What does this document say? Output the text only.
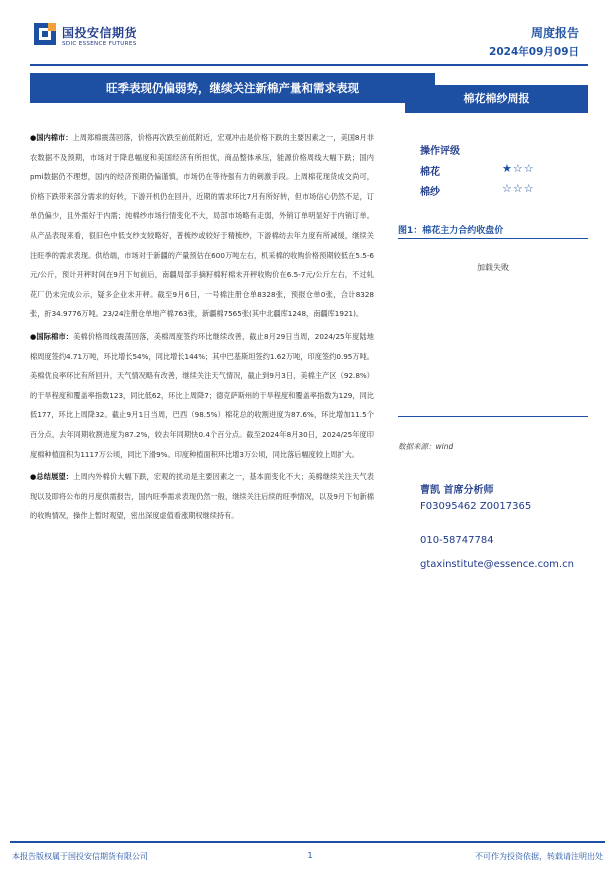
国投安信期货
SDIC ESSENCE FUTURES
周度报告
2024年09月09日
旺季表现仍偏弱势，继续关注新棉产量和需求表现
棉花棉纱周报

●国内棉市：上周郑棉震荡回落，价格再次跌至前低附近，宏观冲击是价格下跌的主要因素之一，美国8月非农数据不及预期，市场对于降息幅度和美国经济有所担忧，商品整体承压，能源价格周线大幅下跌；国内pmi数据仍不理想，国内的经济预期仍偏谨慎，市场仍在等待强有力的刺激手段。上周棉花现货成交尚可，价格下跌带来部分需求的好转，下游开机仍在回升，近期的需求环比7月有所好转，但市场信心仍然不足，订单仍偏少，且外需好于内需；纯棉纱市场行情变化不大，局部市场略有走弱，外销订单明显好于内销订单。从产品表现来看，很旧色中低支纱支较略好，普梳纱或较好于精梳纱，下游棉纺去年力度有所减缓，继续关注旺季的需求表现。供给端，市场对于新疆的产量预估在600万吨左右，机采棉的收购价格预期较低在5.5-6元/公斤，预计开秤时间在9月下旬前后，南疆局部手摘籽棉籽棉未开秤收购价在6.5-7元/公斤左右，不过轧花厂仍未完成公示，疑多企业未开秤。截至9月6日，一号棉注册仓单8328张，预报仓单0张，合计8328张，折34.9776万吨。23/24注册仓单地产棉763张，新疆棉7565张(其中北疆库1248，南疆库1921)。

●国际棉市：美棉价格周线震荡回落，美棉周度签约环比继续改善，截止8月29日当周，2024/25年度陆地棉周度签约4.71万吨，环比增长54%，同比增长144%；其中巴基斯坦签约1.62万吨，印度签约0.95万吨。美棉优良率环比有所回升，天气情况略有改善，继续关注天气情况，截止到9月3日，美棉主产区（92.8%）的干旱程度和覆盖率指数123，同比低62，环比上周降7；德克萨斯州的干旱程度和覆盖率指数为129，同比低177，环比上周降32。截止9月1日当周，巴西（98.5%）棉花总的收割进度为87.6%，环比增加11.5个百分点，去年同期收割进度为87.2%，较去年同期快0.4个百分点。截至2024年8月30日，2024/25年度印度棉种植面积为1117万公顷，同比下滑9%。印度种植面积环比增3万公顷，同比落后幅度较上周扩大。

●总结展望：上周内外棉价大幅下跌，宏观的扰动是主要因素之一，基本面变化不大；美棉继续关注天气表现以及即将公布的月度供需报告，国内旺季需求表现仍然一般，继续关注后续的旺季情况，以及9月下旬新棉的收购情况，操作上暂时观望，密出深度虚值看涨期权继续持有。

操作评级
棉花	★☆☆
棉纱	☆☆☆
图1：棉花主力合约收盘价
加载失败
数据来源：wind
曹凯 首席分析师
F03095462 Z0017365
010-58747784
gtaxinstitute@essence.com.cn
本报告版权属于国投安信期货有限公司	1	不可作为投资依据，转载请注明出处
